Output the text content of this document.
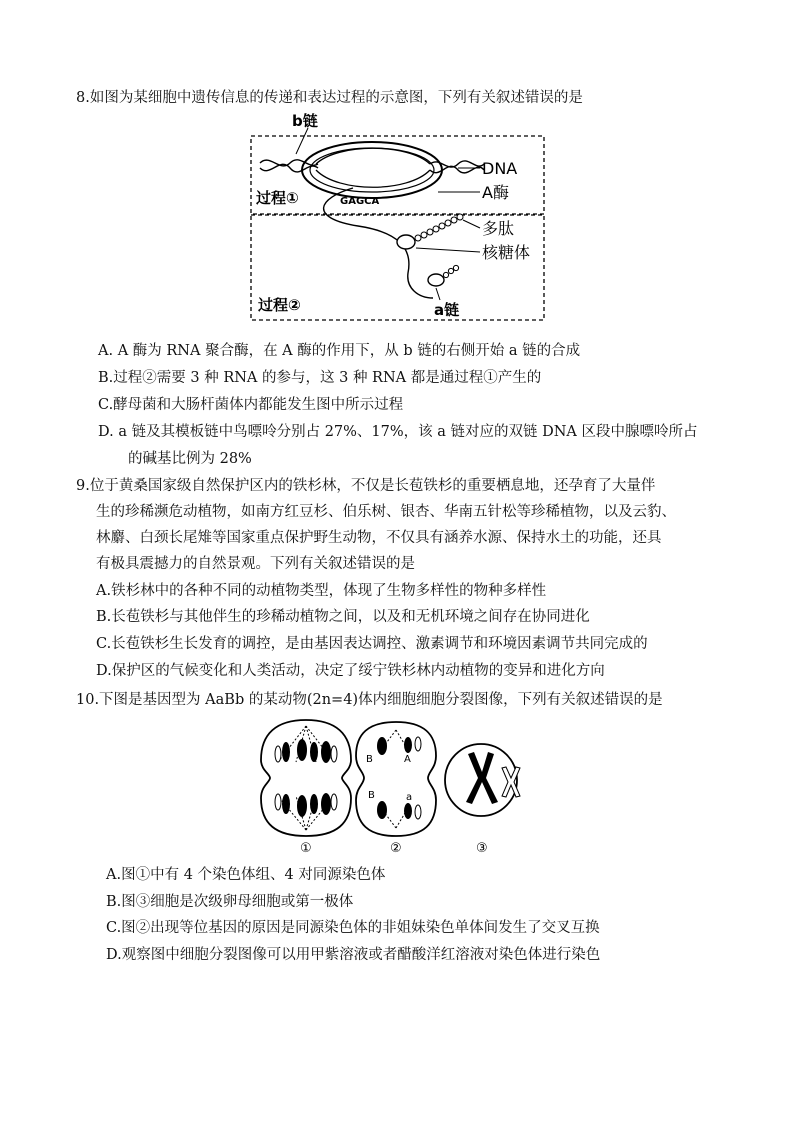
8.如图为某细胞中遗传信息的传递和表达过程的示意图，下列有关叙述错误的是
b链
DNA
A酶
过程①	GAGCA
多肽
核糖体
过程②	a链
A. A 酶为 RNA 聚合酶，在 A 酶的作用下，从 b 链的右侧开始 a 链的合成
B.过程②需要 3 种 RNA 的参与，这 3 种 RNA 都是通过程①产生的
C.酵母菌和大肠杆菌体内都能发生图中所示过程
D. a 链及其模板链中鸟嘌呤分别占 27%、17%，该 a 链对应的双链 DNA 区段中腺嘌呤所占
的碱基比例为 28%
9.位于黄桑国家级自然保护区内的铁杉林，不仅是长苞铁杉的重要栖息地，还孕育了大量伴
生的珍稀濒危动植物，如南方红豆杉、伯乐树、银杏、华南五针松等珍稀植物，以及云豹、
林麝、白颈长尾雉等国家重点保护野生动物，不仅具有涵养水源、保持水土的功能，还具
有极具震撼力的自然景观。下列有关叙述错误的是
A.铁杉林中的各种不同的动植物类型，体现了生物多样性的物种多样性
B.长苞铁杉与其他伴生的珍稀动植物之间，以及和无机环境之间存在协同进化
C.长苞铁杉生长发育的调控，是由基因表达调控、激素调节和环境因素调节共同完成的
D.保护区的气候变化和人类活动，决定了绥宁铁杉林内动植物的变异和进化方向
10.下图是基因型为 AaBb 的某动物(2n=4)体内细胞细胞分裂图像，下列有关叙述错误的是
①
B	A
B	a
②	③
A.图①中有 4 个染色体组、4 对同源染色体
B.图③细胞是次级卵母细胞或第一极体
C.图②出现等位基因的原因是同源染色体的非姐妹染色单体间发生了交叉互换
D.观察图中细胞分裂图像可以用甲紫溶液或者醋酸洋红溶液对染色体进行染色
